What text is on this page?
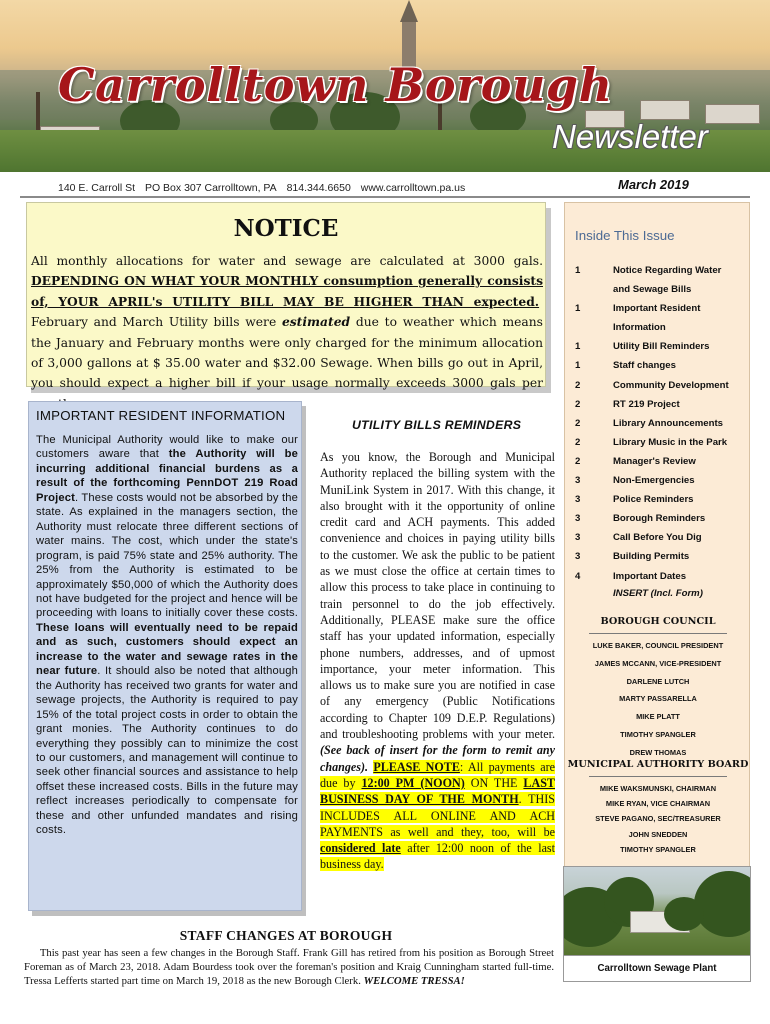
Carrolltown Borough
Newsletter
140 E. Carroll St PO Box 307 Carrolltown, PA 814.344.6650 www.carrolltown.pa.us	March 2019
NOTICE
All monthly allocations for water and sewage are calculated at 3000 gals. DEPENDING ON WHAT YOUR MONTHLY consumption generally consists of, YOUR APRIL's UTILITY BILL MAY BE HIGHER THAN expected.  February and March Utility bills were estimated due to weather which means the January and February months were only charged for the minimum allocation of 3,000 gallons at $ 35.00 water and $32.00 Sewage. When bills go out in April, you should expect a higher bill if your usage normally exceeds 3000 gals per
IMPORTANT RESIDENT INFORMATION
The Municipal Authority would like to make our customers aware that the Authority will be incurring additional financial burdens as a result of the forthcoming PennDOT 219 Road Project. These costs would not be absorbed by the state. As explained in the managers section, the Authority must relocate three different sections of water mains. The cost, which under the state's program, is paid 75% state and 25% authority. The 25% from the Authority is estimated to be approximately $50,000 of which the Authority does not have budgeted for the project and hence will be proceeding with loans to initially cover these costs. These loans will eventually need to be repaid and as such, customers should expect an increase to the water and sewage rates in the near future. It should also be noted that although the Authority has received two grants for water and sewage projects, the Authority is required to pay 15% of the total project costs in order to obtain the grant monies. The Authority continues to do everything they possibly can to minimize the cost to our customers, and management will continue to seek other financial sources and assistance to help offset these increased costs. Bills in the future may reflect increases periodically to compensate for these and other unfunded mandates and rising costs.
UTILITY BILLS REMINDERS
As you know, the Borough and Municipal Authority replaced the billing system with the MuniLink System in 2017. With this change, it also brought with it the opportunity of online credit card and ACH payments. This added convenience and choices in paying utility bills to the customer. We ask the public to be patient as we must close the office at certain times to allow this process to take place in continuing to train personnel to do the job effectively. Additionally, PLEASE make sure the office staff has your updated information, especially phone numbers, addresses, and of upmost importance, your meter information. This allows us to make sure you are notified in case of any emergency (Public Notifications according to Chapter 109 D.E.P. Regulations) and troubleshooting problems with your meter. (See back of insert for the form to remit any changes). PLEASE NOTE: All payments are due by 12:00 PM (NOON) ON THE LAST BUSINESS DAY OF THE MONTH. THIS INCLUDES ALL ONLINE AND ACH PAYMENTS as well and they, too, will be considered late after 12:00 noon of the last business day.
Inside This Issue
1	Notice Regarding Water
and Sewage Bills
1	Important Resident
Information
1	Utility Bill Reminders
1	Staff changes
2	Community Development
2	RT 219 Project
2	Library Announcements
2	Library Music in the Park
2	Manager's Review
3	Non-Emergencies
3	Police Reminders
3	Borough Reminders
3	Call Before You Dig
3	Building Permits
4	Important Dates
INSERT (Incl. Form)
BOROUGH COUNCIL
LUKE BAKER, COUNCIL PRESIDENT
JAMES MCCANN, VICE-PRESIDENT
DARLENE LUTCH
MARTY PASSARELLA
MIKE PLATT
TIMOTHY SPANGLER
DREW THOMAS
MUNICIPAL AUTHORITY BOARD
MIKE WAKSMUNSKI, CHAIRMAN
MIKE RYAN, VICE CHAIRMAN
STEVE PAGANO, SEC/TREASURER
JOHN SNEDDEN
TIMOTHY SPANGLER
Carrolltown Sewage Plant
STAFF CHANGES AT BOROUGH
This past year has seen a few changes in the Borough Staff. Frank Gill has retired from his position as Borough Street Foreman as of March 23, 2018. Adam Bourdess took over the foreman's position and Kraig Cunningham started full-time. Tressa Lefferts started part time on March 19, 2018 as the new Borough Clerk. WELCOME TRESSA!
